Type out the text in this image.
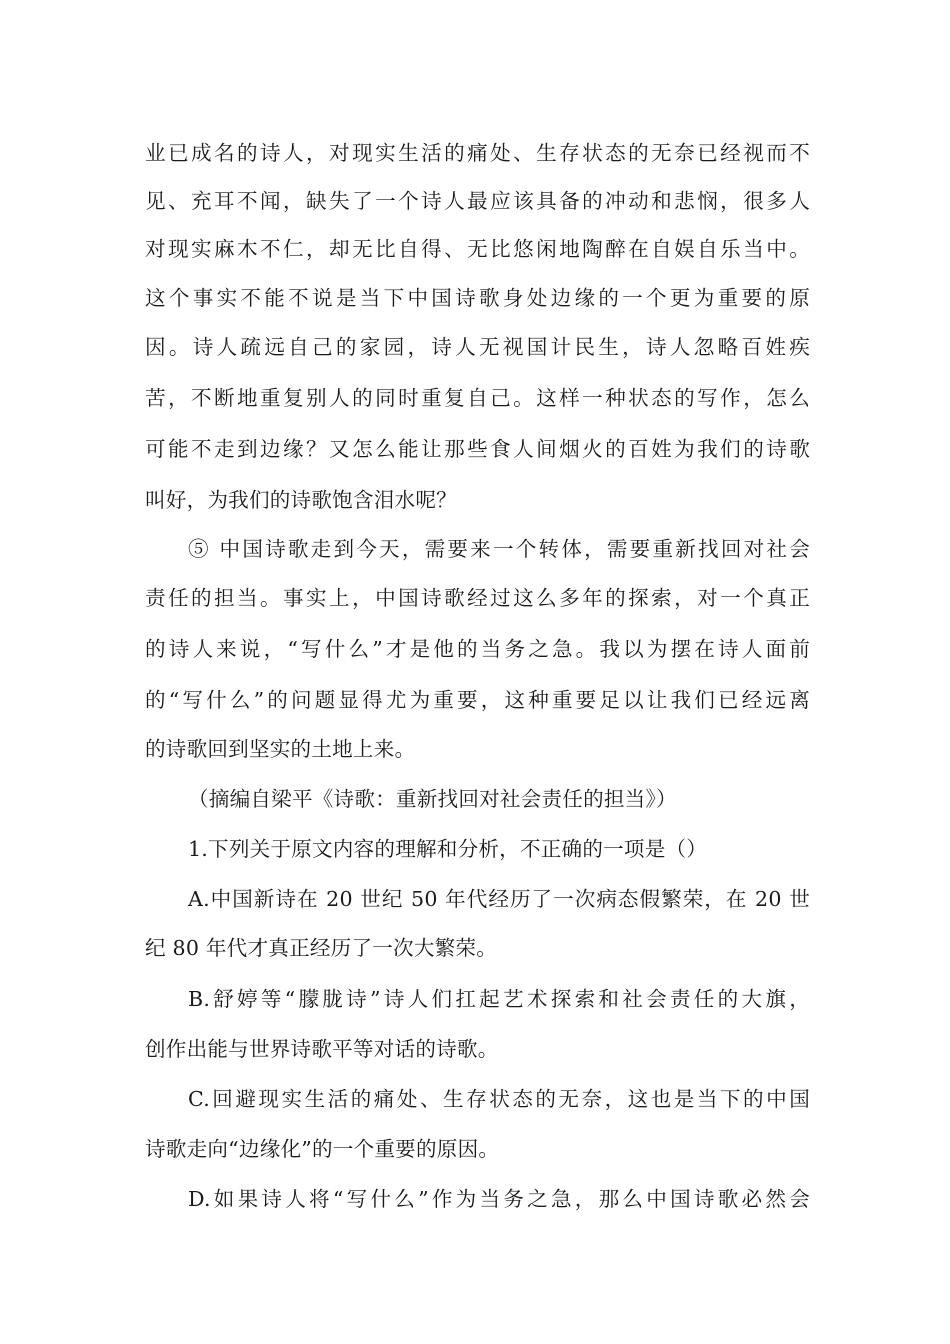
业已成名的诗人，对现实生活的痛处、生存状态的无奈已经视而不
见、充耳不闻，缺失了一个诗人最应该具备的冲动和悲悯，很多人
对现实麻木不仁，却无比自得、无比悠闲地陶醉在自娱自乐当中。
这个事实不能不说是当下中国诗歌身处边缘的一个更为重要的原
因。诗人疏远自己的家园，诗人无视国计民生，诗人忽略百姓疾
苦，不断地重复别人的同时重复自己。这样一种状态的写作，怎么
可能不走到边缘？又怎么能让那些食人间烟火的百姓为我们的诗歌
叫好，为我们的诗歌饱含泪水呢？
⑤ 中国诗歌走到今天，需要来一个转体，需要重新找回对社会
责任的担当。事实上，中国诗歌经过这么多年的探索，对一个真正
的诗人来说，“写什么”才是他的当务之急。我以为摆在诗人面前
的“写什么”的问题显得尤为重要，这种重要足以让我们已经远离
的诗歌回到坚实的土地上来。
（摘编自梁平《诗歌：重新找回对社会责任的担当》）
1.下列关于原文内容的理解和分析，不正确的一项是（）
A.中国新诗在 20 世纪 50 年代经历了一次病态假繁荣，在 20 世
纪 80 年代才真正经历了一次大繁荣。
B.舒婷等“朦胧诗”诗人们扛起艺术探索和社会责任的大旗，
创作出能与世界诗歌平等对话的诗歌。
C.回避现实生活的痛处、生存状态的无奈，这也是当下的中国
诗歌走向“边缘化”的一个重要的原因。
D.如果诗人将“写什么”作为当务之急，那么中国诗歌必然会
